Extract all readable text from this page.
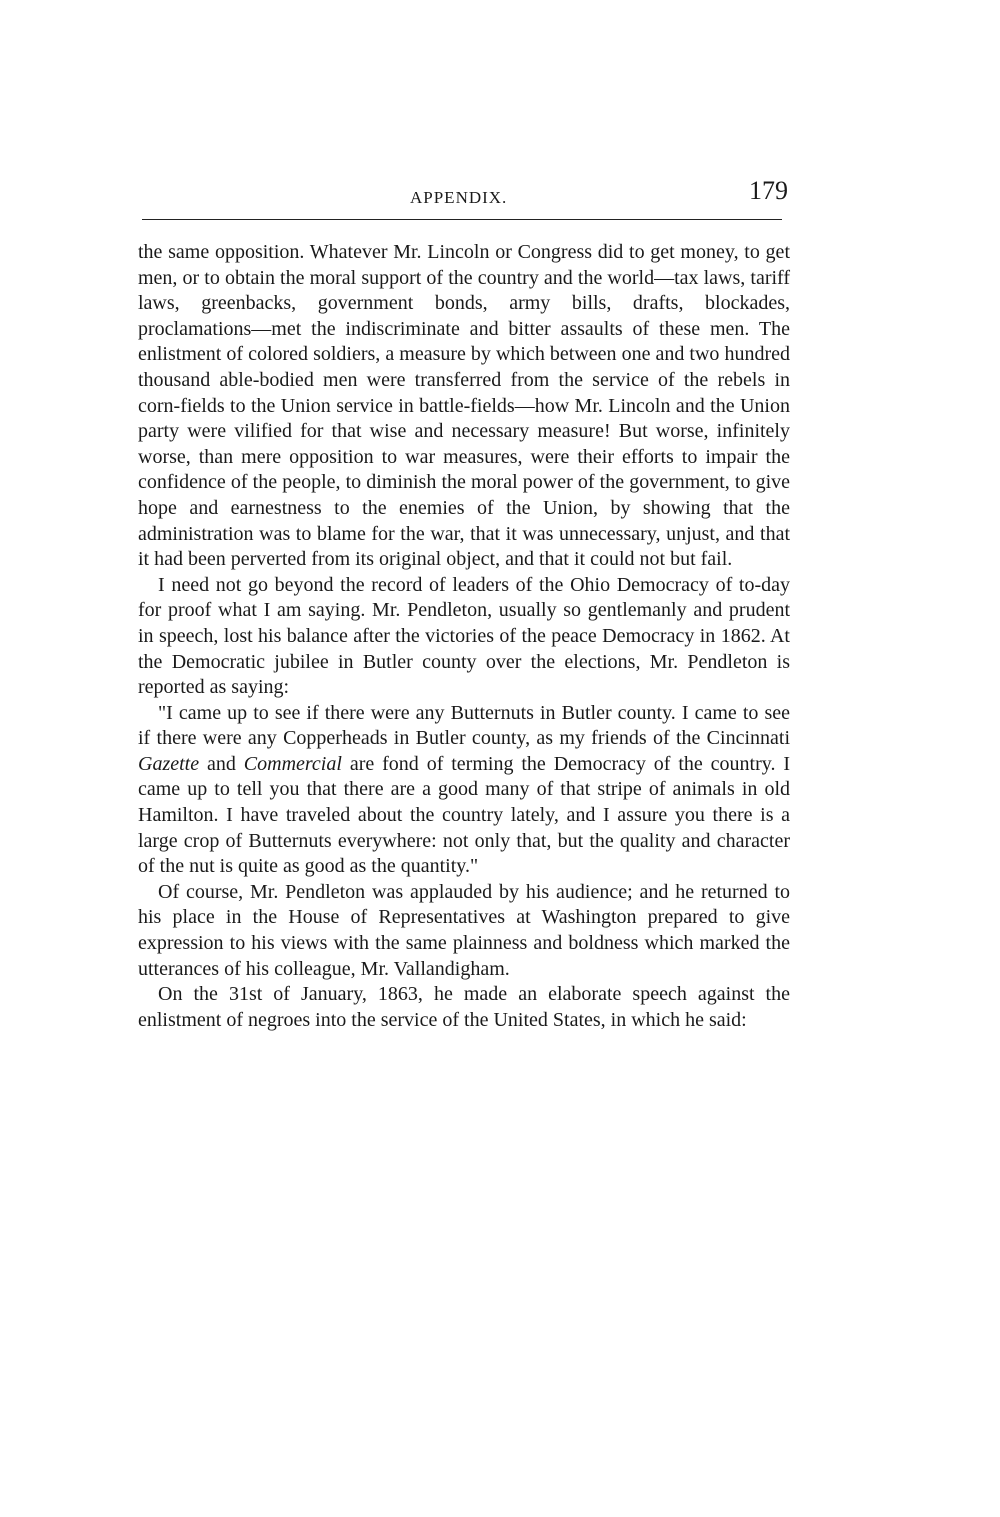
APPENDIX.	179

the same opposition. Whatever Mr. Lincoln or Congress did to get money, to get men, or to obtain the moral support of the country and the world—tax laws, tariff laws, greenbacks, government bonds, army bills, drafts, blockades, proclamations—met the indiscriminate and bitter assaults of these men. The enlistment of colored soldiers, a measure by which between one and two hundred thousand able-bodied men were transferred from the service of the rebels in corn-fields to the Union service in battle-fields—how Mr. Lincoln and the Union party were vilified for that wise and necessary measure! But worse, infinitely worse, than mere opposition to war measures, were their efforts to impair the confidence of the people, to diminish the moral power of the government, to give hope and earnestness to the enemies of the Union, by showing that the administration was to blame for the war, that it was unnecessary, unjust, and that it had been perverted from its original object, and that it could not but fail.

I need not go beyond the record of leaders of the Ohio Democracy of to-day for proof what I am saying. Mr. Pendleton, usually so gentlemanly and prudent in speech, lost his balance after the victories of the peace Democracy in 1862. At the Democratic jubilee in Butler county over the elections, Mr. Pendleton is reported as saying:

"I came up to see if there were any Butternuts in Butler county. I came to see if there were any Copperheads in Butler county, as my friends of the Cincinnati Gazette and Commercial are fond of terming the Democracy of the country. I came up to tell you that there are a good many of that stripe of animals in old Hamilton. I have traveled about the country lately, and I assure you there is a large crop of Butternuts everywhere: not only that, but the quality and character of the nut is quite as good as the quantity."

Of course, Mr. Pendleton was applauded by his audience; and he returned to his place in the House of Representatives at Washington prepared to give expression to his views with the same plainness and boldness which marked the utterances of his colleague, Mr. Vallandigham.

On the 31st of January, 1863, he made an elaborate speech against the enlistment of negroes into the service of the United States, in which he said:
